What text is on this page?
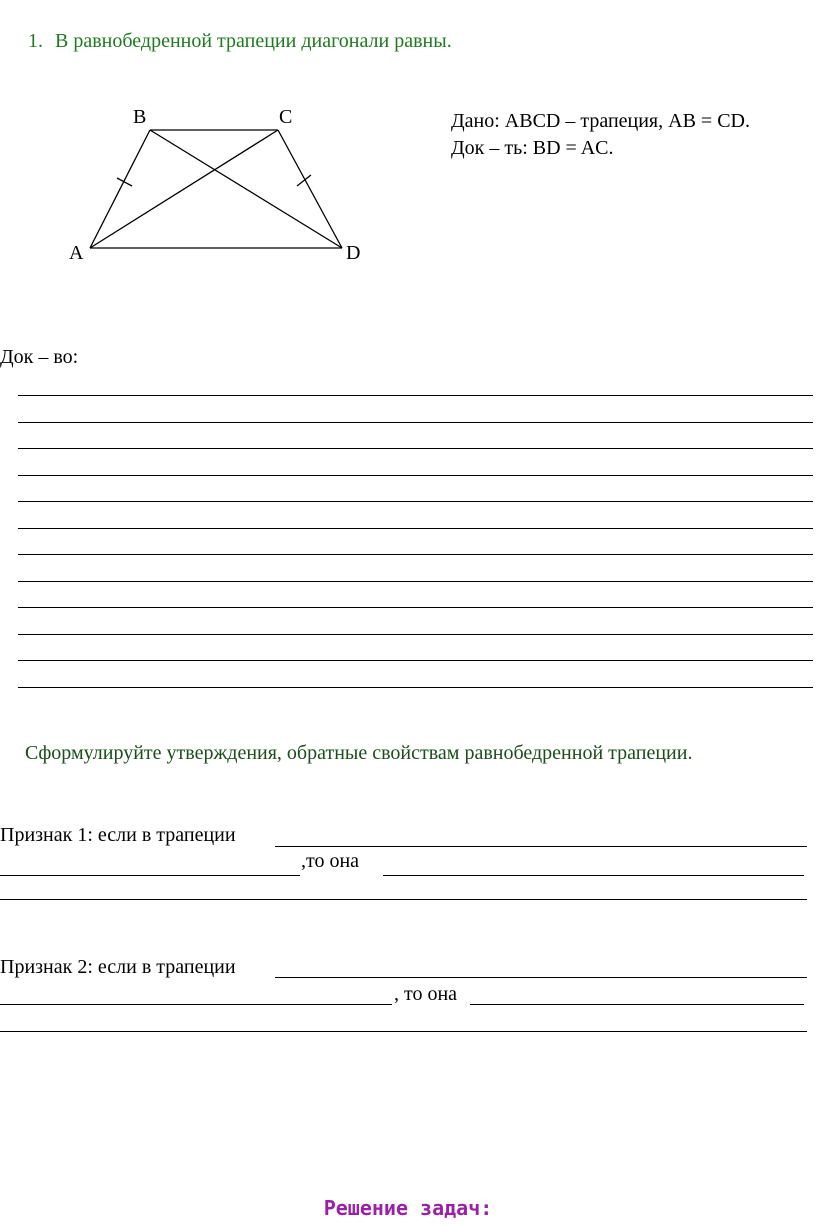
1. В равнобедренной трапеции диагонали равны.
B	C
A	D
Дано: ABCD – трапеция, AB = CD.
Док – ть: BD = AC.
Док – во:
Сформулируйте утверждения, обратные свойствам равнобедренной трапеции.
Признак 1: если в трапеции
,то она
Признак 2: если в трапеции
, то она
Решение задач:
